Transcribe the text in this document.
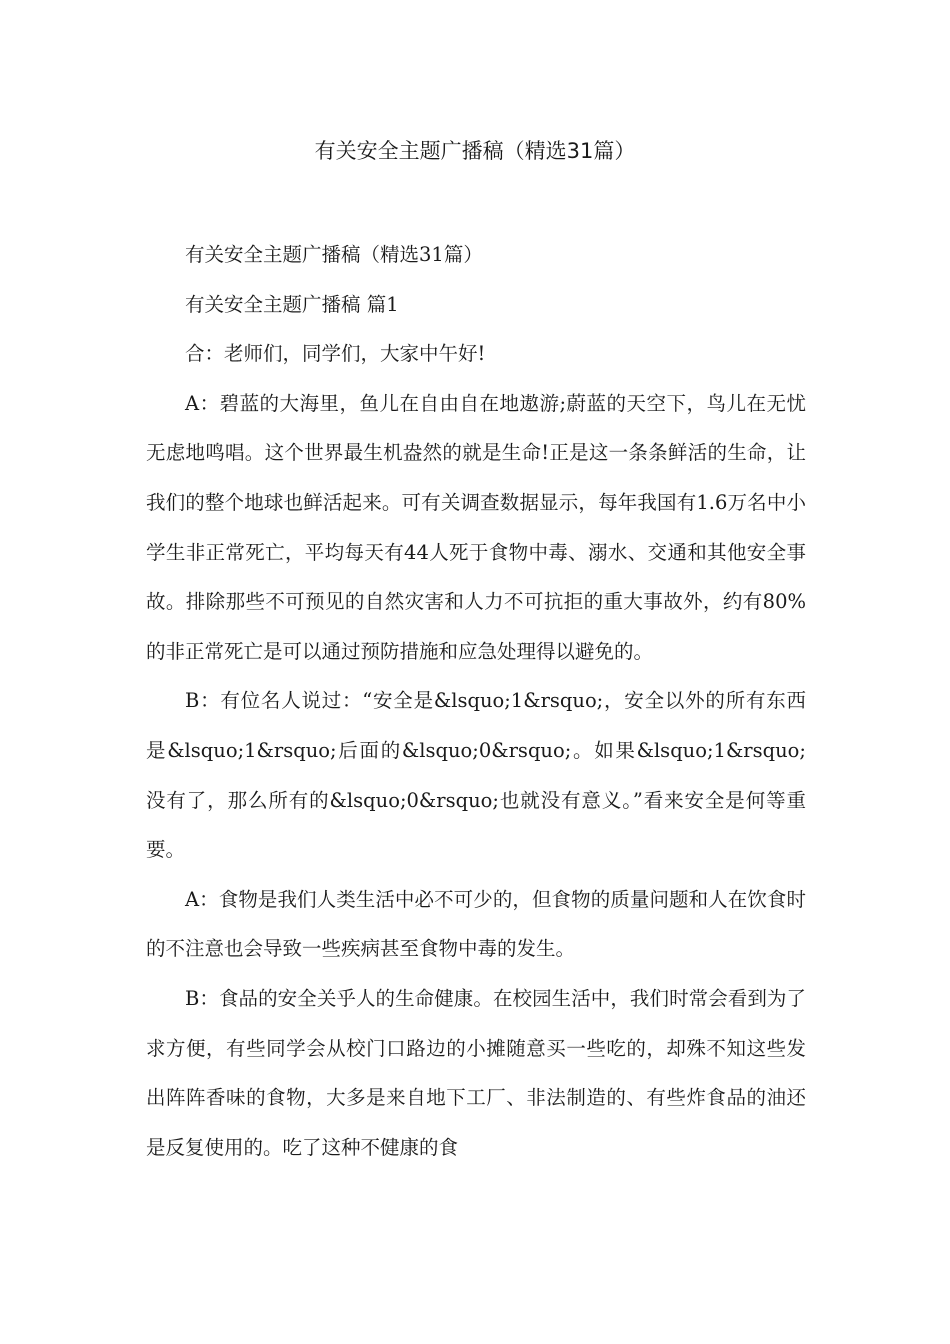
有关安全主题广播稿（精选31篇）

有关安全主题广播稿（精选31篇）

有关安全主题广播稿 篇1

合：老师们，同学们，大家中午好!

A：碧蓝的大海里，鱼儿在自由自在地遨游;蔚蓝的天空下，鸟儿在无忧无虑地鸣唱。这个世界最生机盎然的就是生命!正是这一条条鲜活的生命，让我们的整个地球也鲜活起来。可有关调查数据显示，每年我国有1.6万名中小学生非正常死亡，平均每天有44人死于食物中毒、溺水、交通和其他安全事故。排除那些不可预见的自然灾害和人力不可抗拒的重大事故外，约有80%的非正常死亡是可以通过预防措施和应急处理得以避免的。

B：有位名人说过：“安全是&lsquo;1&rsquo;，安全以外的所有东西是&lsquo;1&rsquo;后面的&lsquo;0&rsquo;。如果&lsquo;1&rsquo;没有了，那么所有的&lsquo;0&rsquo;也就没有意义。”看来安全是何等重要。

A：食物是我们人类生活中必不可少的，但食物的质量问题和人在饮食时的不注意也会导致一些疾病甚至食物中毒的发生。

B：食品的安全关乎人的生命健康。在校园生活中，我们时常会看到为了求方便，有些同学会从校门口路边的小摊随意买一些吃的，却殊不知这些发出阵阵香味的食物，大多是来自地下工厂、非法制造的、有些炸食品的油还是反复使用的。吃了这种不健康的食
